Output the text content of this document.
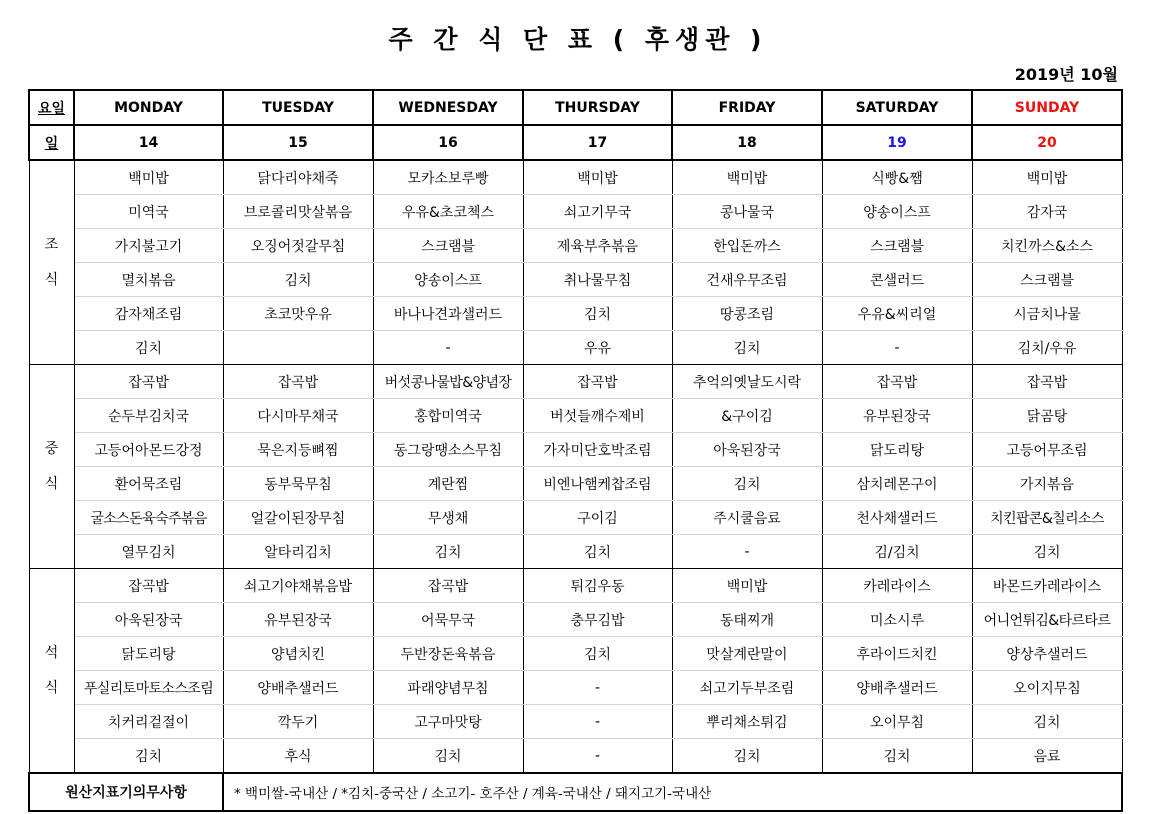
주 간 식 단 표 ( 후생관 )
2019년 10월
요일	MONDAY	TUESDAY	WEDNESDAY	THURSDAY	FRIDAY	SATURDAY	SUNDAY
일	14	15	16	17	18	19	20

조
식	백미밥	닭다리야채죽	모카소보루빵	백미밥	백미밥	식빵&쨈	백미밥
	미역국	브로콜리맛살볶음	우유&초코첵스	쇠고기무국	콩나물국	양송이스프	감자국
	가지불고기	오징어젓갈무침	스크램블	제육부추볶음	한입돈까스	스크램블	치킨까스&소스
	멸치볶음	김치	양송이스프	취나물무침	건새우무조림	콘샐러드	스크램블
	감자채조림	초코맛우유	바나나견과샐러드	김치	땅콩조림	우유&씨리얼	시금치나물
	김치		-	우유	김치	-	김치/우유

중
식	잡곡밥	잡곡밥	버섯콩나물밥&양념장	잡곡밥	추억의옛날도시락	잡곡밥	잡곡밥
	순두부김치국	다시마무채국	홍합미역국	버섯들깨수제비	&구이김	유부된장국	닭곰탕
	고등어아몬드강정	묵은지등뼈찜	동그랑땡소스무침	가자미단호박조림	아욱된장국	닭도리탕	고등어무조림
	환어묵조림	동부묵무침	계란찜	비엔나햄케찹조림	김치	삼치레몬구이	가지볶음
	굴소스돈육숙주볶음	얼갈이된장무침	무생채	구이김	주시쿨음료	천사채샐러드	치킨팝콘&칠리소스
	열무김치	알타리김치	김치	김치	-	김/김치	김치

석
식	잡곡밥	쇠고기야채볶음밥	잡곡밥	튀김우동	백미밥	카레라이스	바몬드카레라이스
	아욱된장국	유부된장국	어묵무국	충무김밥	동태찌개	미소시루	어니언튀김&타르타르
	닭도리탕	양념치킨	두반장돈육볶음	김치	맛살계란말이	후라이드치킨	양상추샐러드
	푸실리토마토소스조림	양배추샐러드	파래양념무침	-	쇠고기두부조림	양배추샐러드	오이지무침
	치커리겉절이	깍두기	고구마맛탕	-	뿌리채소튀김	오이무침	김치
	김치	후식	김치	-	김치	김치	음료
원산지표기의무사항		* 백미쌀-국내산 / *김치-중국산 / 소고기- 호주산 / 계육-국내산 / 돼지고기-국내산					
